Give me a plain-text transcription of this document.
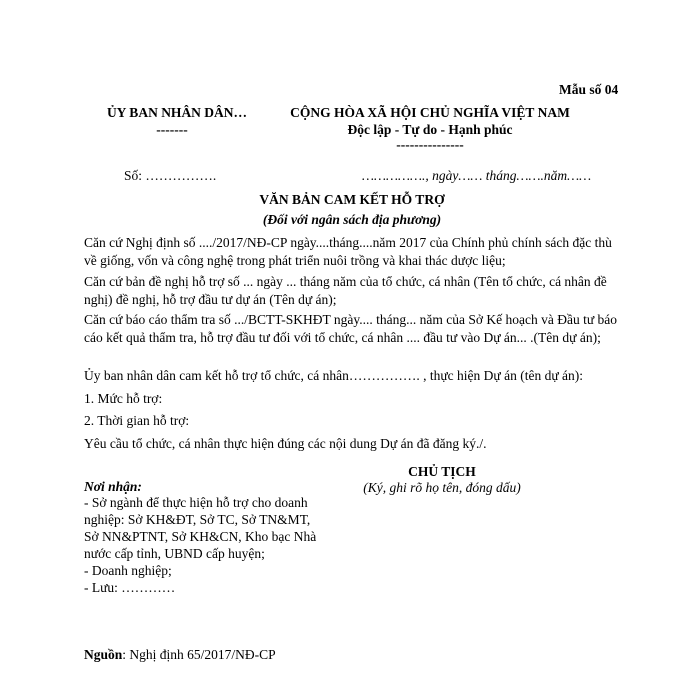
Mẫu số 04
ỦY BAN NHÂN DÂN…
-------
CỘNG HÒA XÃ HỘI CHỦ NGHĨA VIỆT NAM
Độc lập - Tự do - Hạnh phúc
---------------
Số: …………….	……………., ngày…… tháng…….năm……
VĂN BẢN CAM KẾT HỖ TRỢ
(Đối với ngân sách địa phương)
Căn cứ Nghị định số ..../2017/NĐ-CP ngày....tháng....năm 2017 của Chính phủ chính sách đặc thù về giống, vốn và công nghệ trong phát triển nuôi trồng và khai thác dược liệu;
Căn cứ bản đề nghị hỗ trợ số ... ngày ... tháng năm của tổ chức, cá nhân (Tên tổ chức, cá nhân đề nghị) đề nghị, hỗ trợ đầu tư dự án (Tên dự án);
Căn cứ báo cáo thẩm tra số .../BCTT-SKHĐT ngày.... tháng... năm của Sở Kế hoạch và Đầu tư báo cáo kết quả thẩm tra, hỗ trợ đầu tư đối với tổ chức, cá nhân .... đầu tư vào Dự án... .(Tên dự án);
Ủy ban nhân dân cam kết hỗ trợ tổ chức, cá nhân……………. , thực hiện Dự án (tên dự án):
1. Mức hỗ trợ:
2. Thời gian hỗ trợ:
Yêu cầu tổ chức, cá nhân thực hiện đúng các nội dung Dự án đã đăng ký./.
Nơi nhận:
- Sở ngành để thực hiện hỗ trợ cho doanh
nghiệp: Sở KH&ĐT, Sở TC, Sở TN&MT,
Sở NN&PTNT, Sở KH&CN, Kho bạc Nhà
nước cấp tỉnh, UBND cấp huyện;
- Doanh nghiệp;
- Lưu: …………
CHỦ TỊCH
(Ký, ghi rõ họ tên, đóng dấu)
Nguồn: Nghị định 65/2017/NĐ-CP
